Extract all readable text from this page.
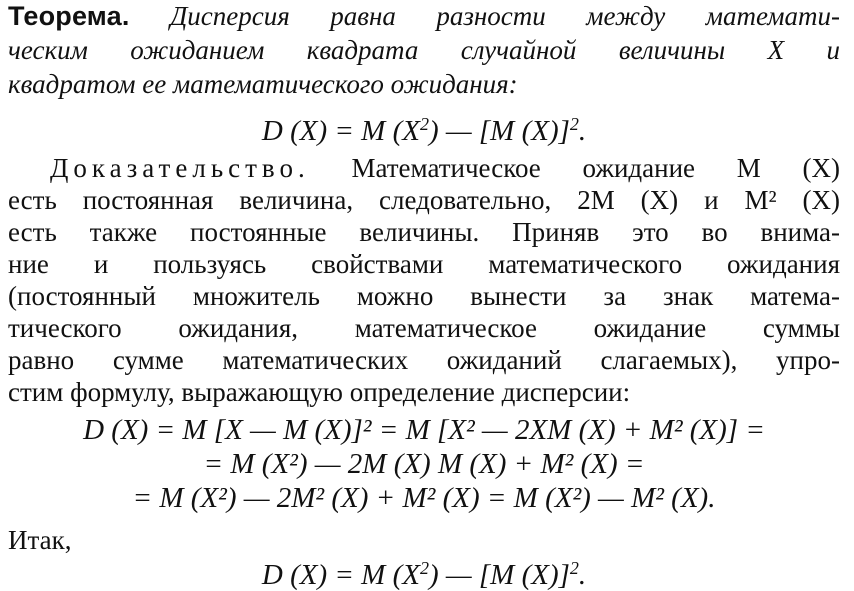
Теорема. Дисперсия равна разности между математи-
ческим ожиданием квадрата случайной величины X и
квадратом ее математического ожидания:
D (X) = M $(X^2)$ — [M (X)]$^2$.
Доказательство. Математическое ожидание M (X)
есть постоянная величина, следовательно, 2M (X) и M² (X)
есть также постоянные величины. Приняв это во внима-
ние и пользуясь свойствами математического ожидания
(постоянный множитель можно вынести за знак матема-
тического ожидания, математическое ожидание суммы
равно сумме математических ожиданий слагаемых), упро-
стим формулу, выражающую определение дисперсии:
D (X) = M [X — M (X)]² = M [X² — 2XM (X) + M² (X)] =
= M (X²) — 2M (X) M (X) + M² (X) =
= M (X²) — 2M² (X) + M² (X) = M (X²) — M² (X).
Итак,
D (X) = M $(X^2)$ — [M (X)]$^2$.
